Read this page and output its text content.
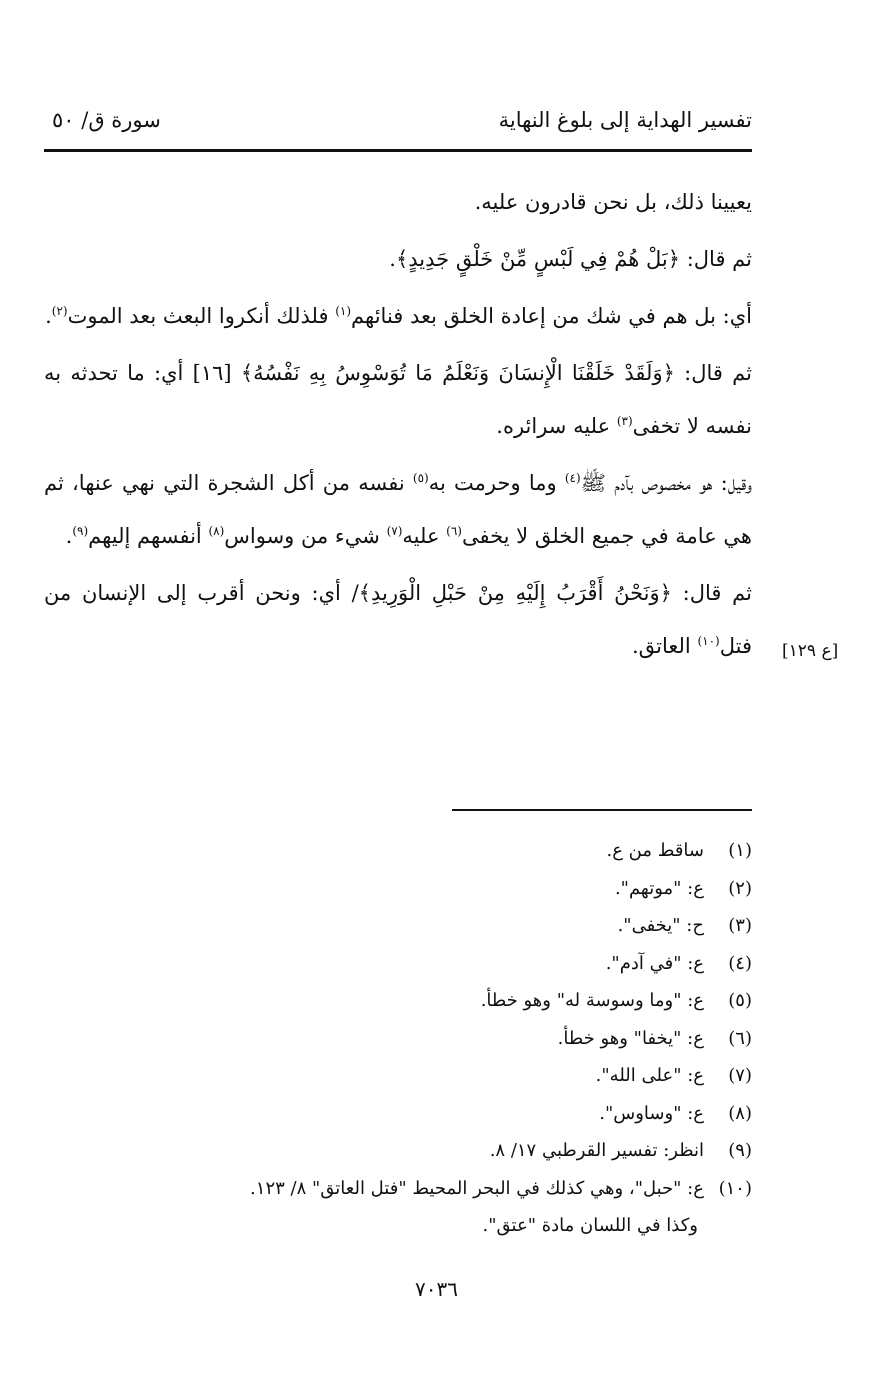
تفسير الهداية إلى بلوغ النهاية
سورة ق/ ٥٠

يعيينا ذلك، بل نحن قادرون عليه.

ثم قال: ﴿بَلْ هُمْ فِي لَبْسٍ مِّنْ خَلْقٍ جَدِيدٍ﴾.

أي: بل هم في شك من إعادة الخلق بعد فنائهم$^{(١)}$ فلذلك أنكروا البعث بعد الموت$^{(٢)}$.

ثم قال: ﴿وَلَقَدْ خَلَقْنَا الْإِنسَانَ وَنَعْلَمُ مَا تُوَسْوِسُ بِهِ نَفْسُهُ﴾ [١٦] أي: ما تحدثه به نفسه لا تخفى$^{(٣)}$ عليه سرائره.

وقيل: هو مخصوص بآدم ﷺ$^{(٤)}$ وما وحرمت به$^{(٥)}$ نفسه من أكل الشجرة التي نهي عنها، ثم هي عامة في جميع الخلق لا يخفى$^{(٦)}$ عليه$^{(٧)}$ شيء من وسواس$^{(٨)}$ أنفسهم إليهم$^{(٩)}$.

ثم قال: ﴿وَنَحْنُ أَقْرَبُ إِلَيْهِ مِنْ حَبْلِ الْوَرِيدِ﴾/ أي: ونحن أقرب إلى الإنسان من فتل$^{(١٠)}$ العاتق.	[ع ١٢٩]
(١)ساقط من ع.
(٢)ع: "موتهم".
(٣)ح: "يخفى".
(٤)ع: "في آدم".
(٥)ع: "وما وسوسة له" وهو خطأ.
(٦)ع: "يخفا" وهو خطأ.
(٧)ع: "على الله".
(٨)ع: "وساوس".
(٩)انظر: تفسير القرطبي ١٧/ ٨.
(١٠)ع: "حبل"، وهي كذلك في البحر المحيط "فتل العاتق" ٨/ ١٢٣.
وكذا في اللسان مادة "عتق".
٧٠٣٦
